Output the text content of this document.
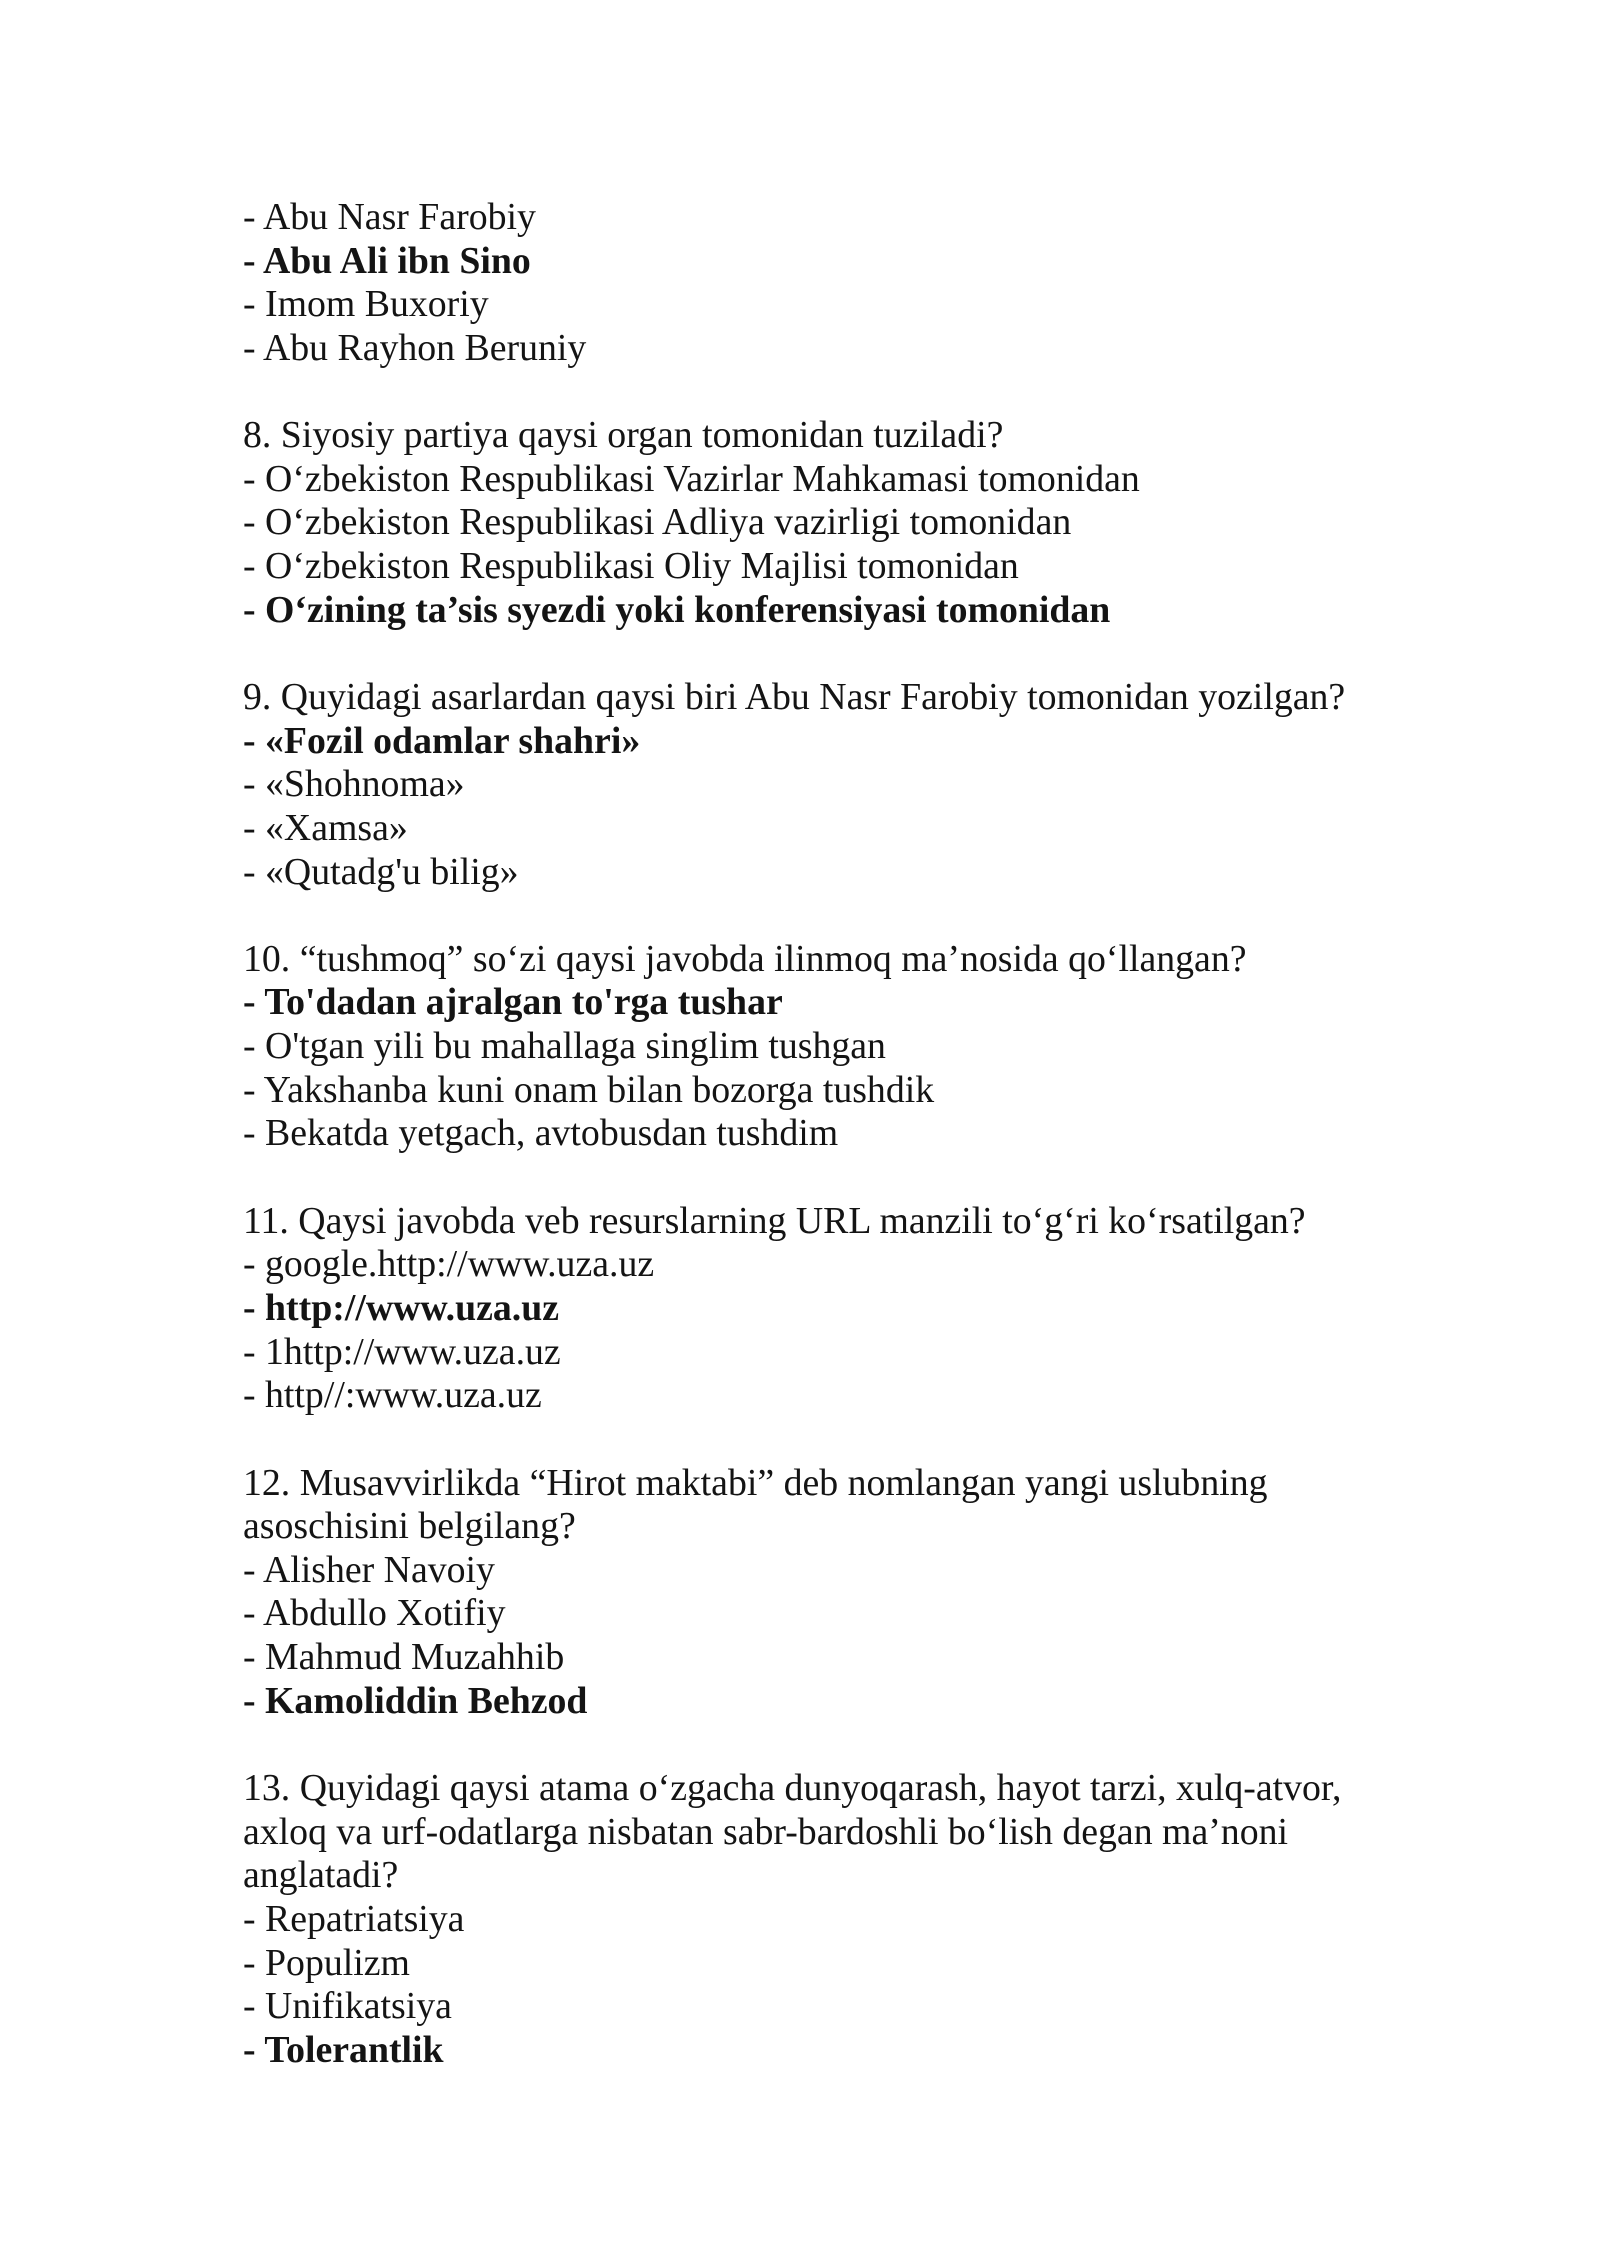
- Abu Nasr Farobiy
- Abu Ali ibn Sino
- Imom Buxoriy
- Abu Rayhon Beruniy
8. Siyosiy partiya qaysi organ tomonidan tuziladi?
- O‘zbekiston Respublikasi Vazirlar Mahkamasi tomonidan
- O‘zbekiston Respublikasi Adliya vazirligi tomonidan
- O‘zbekiston Respublikasi Oliy Majlisi tomonidan
- O‘zining ta’sis syezdi yoki konferensiyasi tomonidan
9. Quyidagi asarlardan qaysi biri Abu Nasr Farobiy tomonidan yozilgan?
- «Fozil odamlar shahri»
- «Shohnoma»
- «Xamsa»
- «Qutadg'u bilig»
10. “tushmoq” so‘zi qaysi javobda ilinmoq ma’nosida qo‘llangan?
- To'dadan ajralgan to'rga tushar
- O'tgan yili bu mahallaga singlim tushgan
- Yakshanba kuni onam bilan bozorga tushdik
- Bekatda yetgach, avtobusdan tushdim
11. Qaysi javobda veb resurslarning URL manzili to‘g‘ri ko‘rsatilgan?
- google.http://www.uza.uz
- http://www.uza.uz
- 1http://www.uza.uz
- http//:www.uza.uz
12. Musavvirlikda “Hirot maktabi” deb nomlangan yangi uslubning asoschisini belgilang?
- Alisher Navoiy
- Abdullo Xotifiy
- Mahmud Muzahhib
- Kamoliddin Behzod
13. Quyidagi qaysi atama o‘zgacha dunyoqarash, hayot tarzi, xulq-atvor, axloq va urf-odatlarga nisbatan sabr-bardoshli bo‘lish degan ma’noni anglatadi?
- Repatriatsiya
- Populizm
- Unifikatsiya
- Tolerantlik
